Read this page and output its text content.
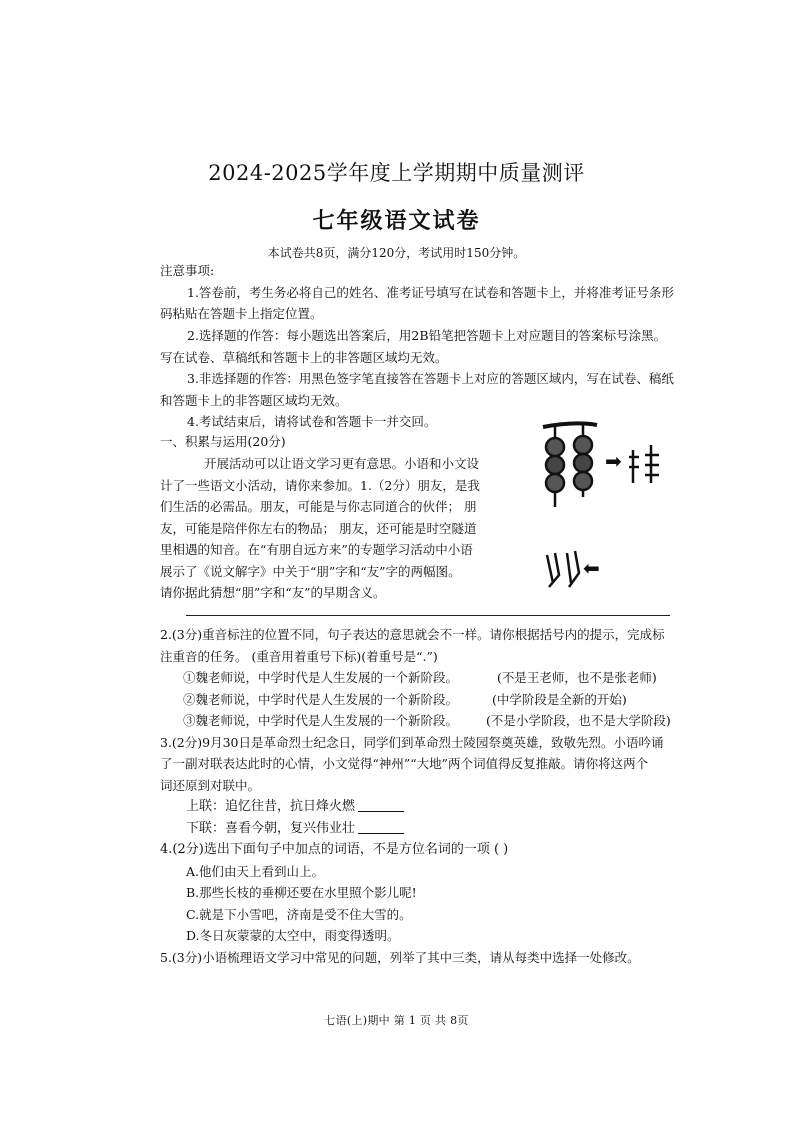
2024-2025学年度上学期期中质量测评
七年级语文试卷
本试卷共8页，满分120分，考试用时150分钟。
注意事项:
1.答卷前，考生务必将自己的姓名、准考证号填写在试卷和答题卡上，并将准考证号条形
码粘贴在答题卡上指定位置。
2.选择题的作答：每小题选出答案后，用2B铅笔把答题卡上对应题目的答案标号涂黑。
写在试卷、草稿纸和答题卡上的非答题区域均无效。
3.非选择题的作答：用黑色签字笔直接答在答题卡上对应的答题区域内，写在试卷、稿纸
和答题卡上的非答题区域均无效。
4.考试结束后，请将试卷和答题卡一并交回。
一、积累与运用(20分)
开展活动可以让语文学习更有意思。小语和小文设
计了一些语文小活动，请你来参加。1.（2分）朋友，是我
们生活的必需品。朋友，可能是与你志同道合的伙伴； 朋
友，可能是陪伴你左右的物品； 朋友，还可能是时空隧道
里相遇的知音。在“有朋自远方来”的专题学习活动中小语
展示了《说文解字》中关于“朋”字和“友”字的两幅图。
请你据此猜想“朋”字和“友”的早期含义。
➡
⬅
2.(3分)重音标注的位置不同，句子表达的意思就会不一样。请你根据括号内的提示，完成标
注重音的任务。 (重音用着重号下标)(着重号是“.”)
①魏老师说，中学时代是人生发展的一个新阶段。	(不是王老师，也不是张老师)
②魏老师说，中学时代是人生发展的一个新阶段。	(中学阶段是全新的开始)
③魏老师说，中学时代是人生发展的一个新阶段。 (不是小学阶段，也不是大学阶段)
3.(2分)9月30日是革命烈士纪念日，同学们到革命烈士陵园祭奠英雄，致敬先烈。小语吟诵
了一副对联表达此时的心情，小文觉得“神州”“大地”两个词值得反复推敲。请你将这两个
词还原到对联中。
上联：追忆往昔，抗日烽火燃
下联：喜看今朝，复兴伟业壮
4.(2分)选出下面句子中加点的词语，不是方位名词的一项 ( )
A.他们由天上看到山上。
B.那些长枝的垂柳还要在水里照个影儿呢!
C.就是下小雪吧，济南是受不住大雪的。
D.冬日灰蒙蒙的太空中，雨变得透明。
5.(3分)小语梳理语文学习中常见的问题，列举了其中三类，请从每类中选择一处修改。
七语(上)期中 第 1 页 共 8页
